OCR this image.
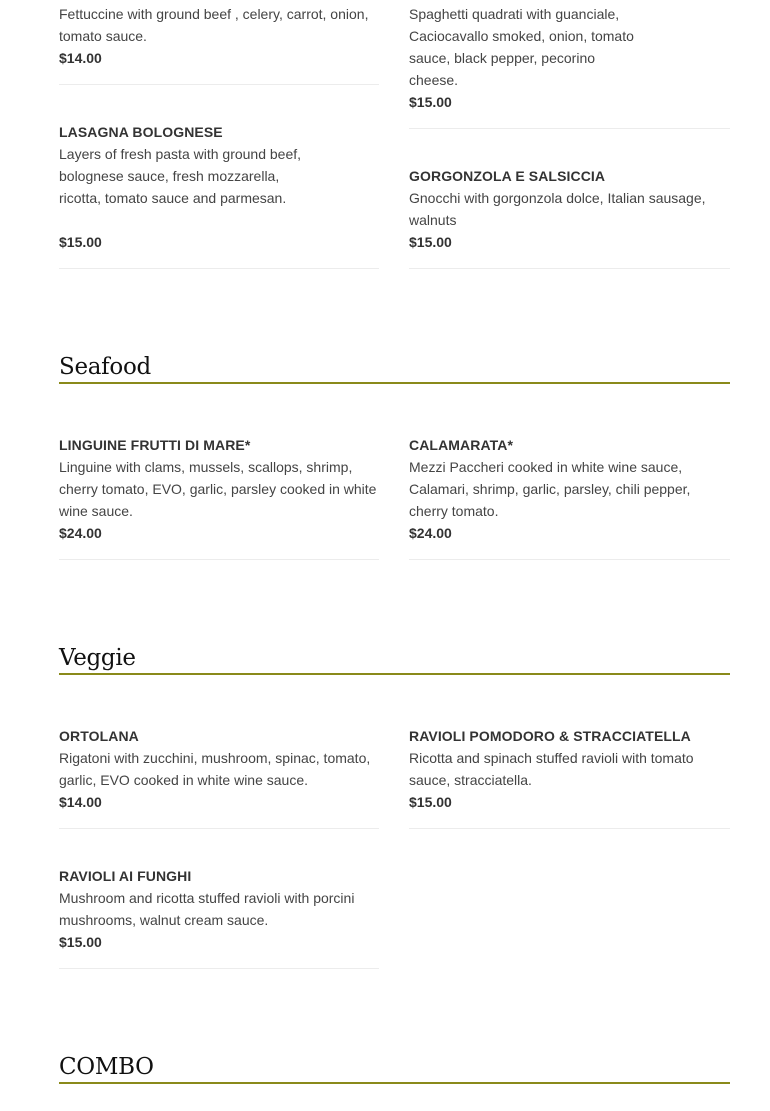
Fettuccine with ground beef , celery, carrot, onion, tomato sauce.
$14.00
Spaghetti quadrati with guanciale,
Caciocavallo smoked, onion, tomato
sauce, black pepper, pecorino
cheese.
$15.00
LASAGNA BOLOGNESE
Layers of fresh pasta with ground beef,
bolognese sauce, fresh mozzarella,
ricotta, tomato sauce and parmesan.
$15.00
GORGONZOLA E SALSICCIA
Gnocchi with gorgonzola dolce, Italian sausage, walnuts
$15.00
Seafood
LINGUINE FRUTTI DI MARE*
Linguine with clams, mussels, scallops, shrimp, cherry tomato, EVO, garlic, parsley cooked in white wine sauce.
$24.00
CALAMARATA*
Mezzi Paccheri cooked in white wine sauce, Calamari, shrimp, garlic, parsley, chili pepper, cherry tomato.
$24.00
Veggie
ORTOLANA
Rigatoni with zucchini, mushroom, spinac, tomato, garlic, EVO cooked in white wine sauce.
$14.00
RAVIOLI POMODORO & STRACCIATELLA
Ricotta and spinach stuffed ravioli with tomato sauce, stracciatella.
$15.00
RAVIOLI AI FUNGHI
Mushroom and ricotta stuffed ravioli with porcini mushrooms, walnut cream sauce.
$15.00
COMBO
